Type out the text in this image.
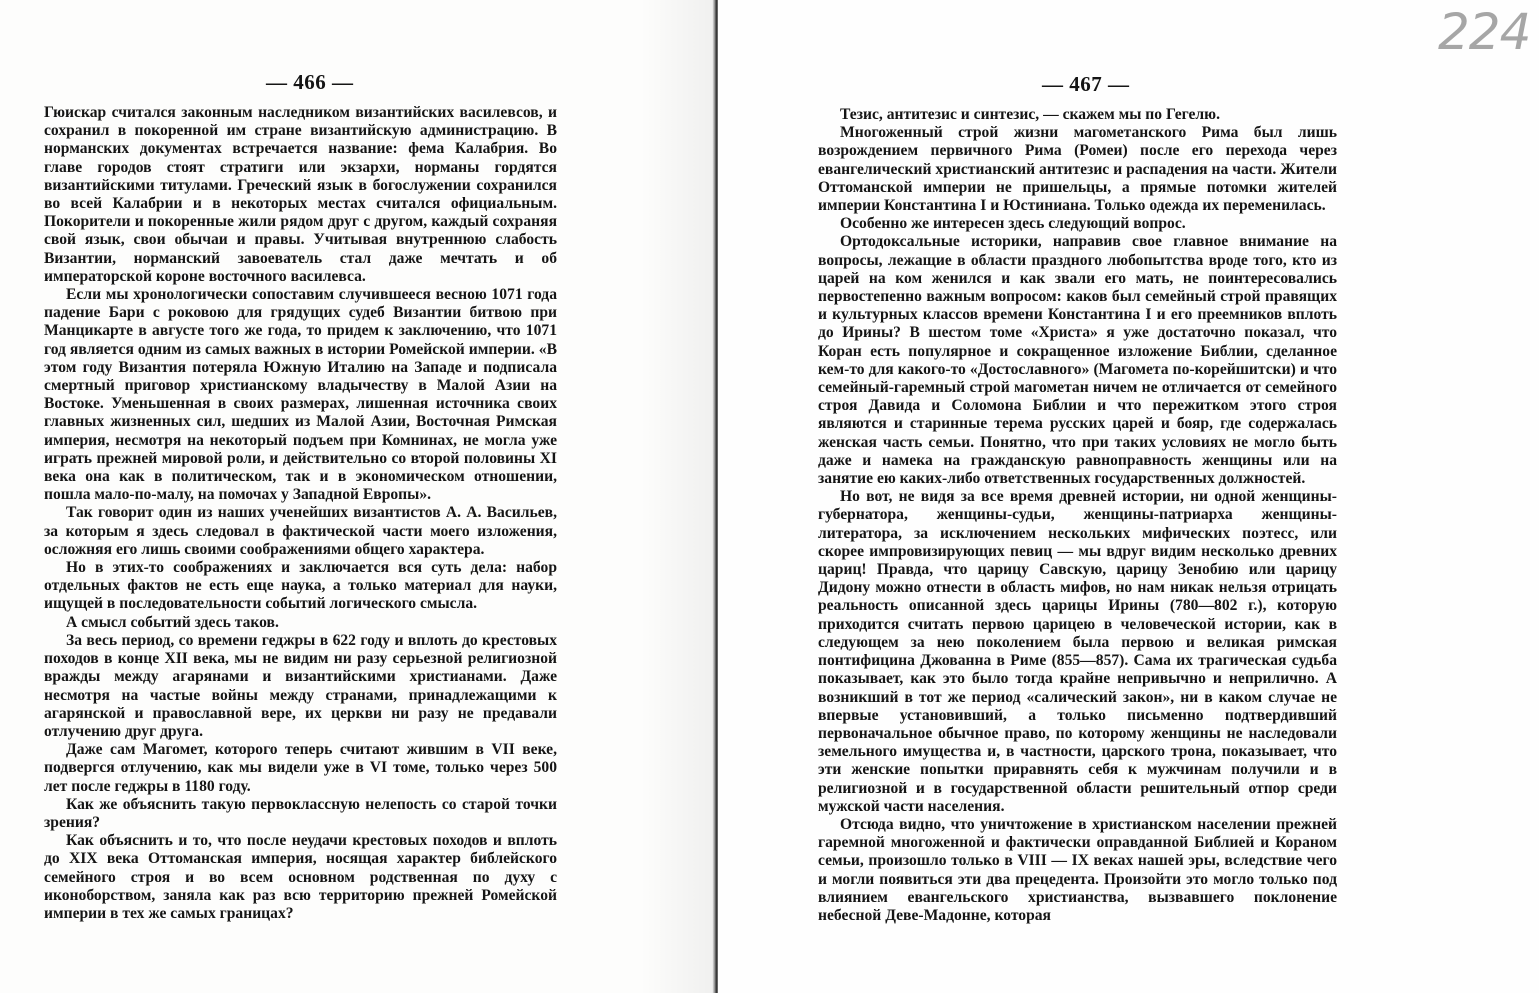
— 466 —

Гюискар считался законным наследником византийских василевсов, и сохранил в покоренной им стране византийскую администрацию. В норманских документах встречается название: фема Калабрия. Во главе городов стоят стратиги или экзархи, норманы гордятся византийскими титулами. Греческий язык в богослужении сохранился во всей Калабрии и в некоторых местах считался официальным. Покорители и покоренные жили рядом друг с другом, каждый сохраняя свой язык, свои обычаи и правы. Учитывая внутреннюю слабость Византии, норманский завоеватель стал даже мечтать и об императорской короне восточного василевса.

Если мы хронологически сопоставим случившееся весною 1071 года падение Бари с роковою для грядущих судеб Византии битвою при Манцикарте в августе того же года, то придем к заключению, что 1071 год является одним из самых важных в истории Ромейской империи. «В этом году Византия потеряла Южную Италию на Западе и подписала смертный приговор христианскому владычеству в Малой Азии на Востоке. Уменьшенная в своих размерах, лишенная источника своих главных жизненных сил, шедших из Малой Азии, Восточная Римская империя, несмотря на некоторый подъем при Комнинах, не могла уже играть прежней мировой роли, и действительно со второй половины XI века она как в политическом, так и в экономическом отношении, пошла мало-по-малу, на помочах у Западной Европы».

Так говорит один из наших ученейших византистов А. А. Васильев, за которым я здесь следовал в фактической части моего изложения, осложняя его лишь своими соображениями общего характера.

Но в этих-то соображениях и заключается вся суть дела: набор отдельных фактов не есть еще наука, а только материал для науки, ищущей в последовательности событий логического смысла.

А смысл событий здесь таков.

За весь период, со времени геджры в 622 году и вплоть до крестовых походов в конце XII века, мы не видим ни разу серьезной религиозной вражды между агарянами и византийскими христианами. Даже несмотря на частые войны между странами, принадлежащими к агарянской и православной вере, их церкви ни разу не предавали отлучению друг друга.

Даже сам Магомет, которого теперь считают жившим в VII веке, подвергся отлучению, как мы видели уже в VI томе, только через 500 лет после геджры в 1180 году.

Как же объяснить такую первоклассную нелепость со старой точки зрения?

Как объяснить и то, что после неудачи крестовых походов и вплоть до XIX века Оттоманская империя, носящая характер библейского семейного строя и во всем основном родственная по духу с иконоборством, заняла как раз всю территорию прежней Ромейской империи в тех же самых границах?

— 467 —

Тезис, антитезис и синтезис, — скажем мы по Гегелю.

Многоженный строй жизни магометанского Рима был лишь возрождением первичного Рима (Ромеи) после его перехода через евангелический христианский антитезис и распадения на части. Жители Оттоманской империи не пришельцы, а прямые потомки жителей империи Константина I и Юстиниана. Только одежда их переменилась.

Особенно же интересен здесь следующий вопрос.

Ортодоксальные историки, направив свое главное внимание на вопросы, лежащие в области праздного любопытства вроде того, кто из царей на ком женился и как звали его мать, не поинтересовались первостепенно важным вопросом: каков был семейный строй правящих и культурных классов времени Константина I и его преемников вплоть до Ирины? В шестом томе «Христа» я уже достаточно показал, что Коран есть популярное и сокращенное изложение Библии, сделанное кем-то для какого-то «Достославного» (Магомета по-корейшитски) и что семейный-гаремный строй магометан ничем не отличается от семейного строя Давида и Соломона Библии и что пережитком этого строя являются и старинные терема русских царей и бояр, где содержалась женская часть семьи. Понятно, что при таких условиях не могло быть даже и намека на гражданскую равноправность женщины или на занятие ею каких-либо ответственных государственных должностей.

Но вот, не видя за все время древней истории, ни одной женщины-губернатора, женщины-судьи, женщины-патриарха женщины-литератора, за исключением нескольких мифических поэтесс, или скорее импровизирующих певиц — мы вдруг видим несколько древних цариц! Правда, что царицу Савскую, царицу Зенобию или царицу Дидону можно отнести в область мифов, но нам никак нельзя отрицать реальность описанной здесь царицы Ирины (780—802 г.), которую приходится считать первою царицею в человеческой истории, как в следующем за нею поколением была первою и великая римская понтифицина Джованна в Риме (855—857). Сама их трагическая судьба показывает, как это было тогда крайне непривычно и неприлично. А возникший в тот же период «салический закон», ни в каком случае не впервые установивший, а только письменно подтвердивший первоначальное обычное право, по которому женщины не наследовали земельного имущества и, в частности, царского трона, показывает, что эти женские попытки приравнять себя к мужчинам получили и в религиозной и в государственной области решительный отпор среди мужской части населения.

Отсюда видно, что уничтожение в христианском населении прежней гаремной многоженной и фактически оправданной Библией и Кораном семьи, произошло только в VIII — IX веках нашей эры, вследствие чего и могли появиться эти два прецедента. Произойти это могло только под влиянием евангельского христианства, вызвавшего поклонение небесной Деве-Мадонне, которая

224
